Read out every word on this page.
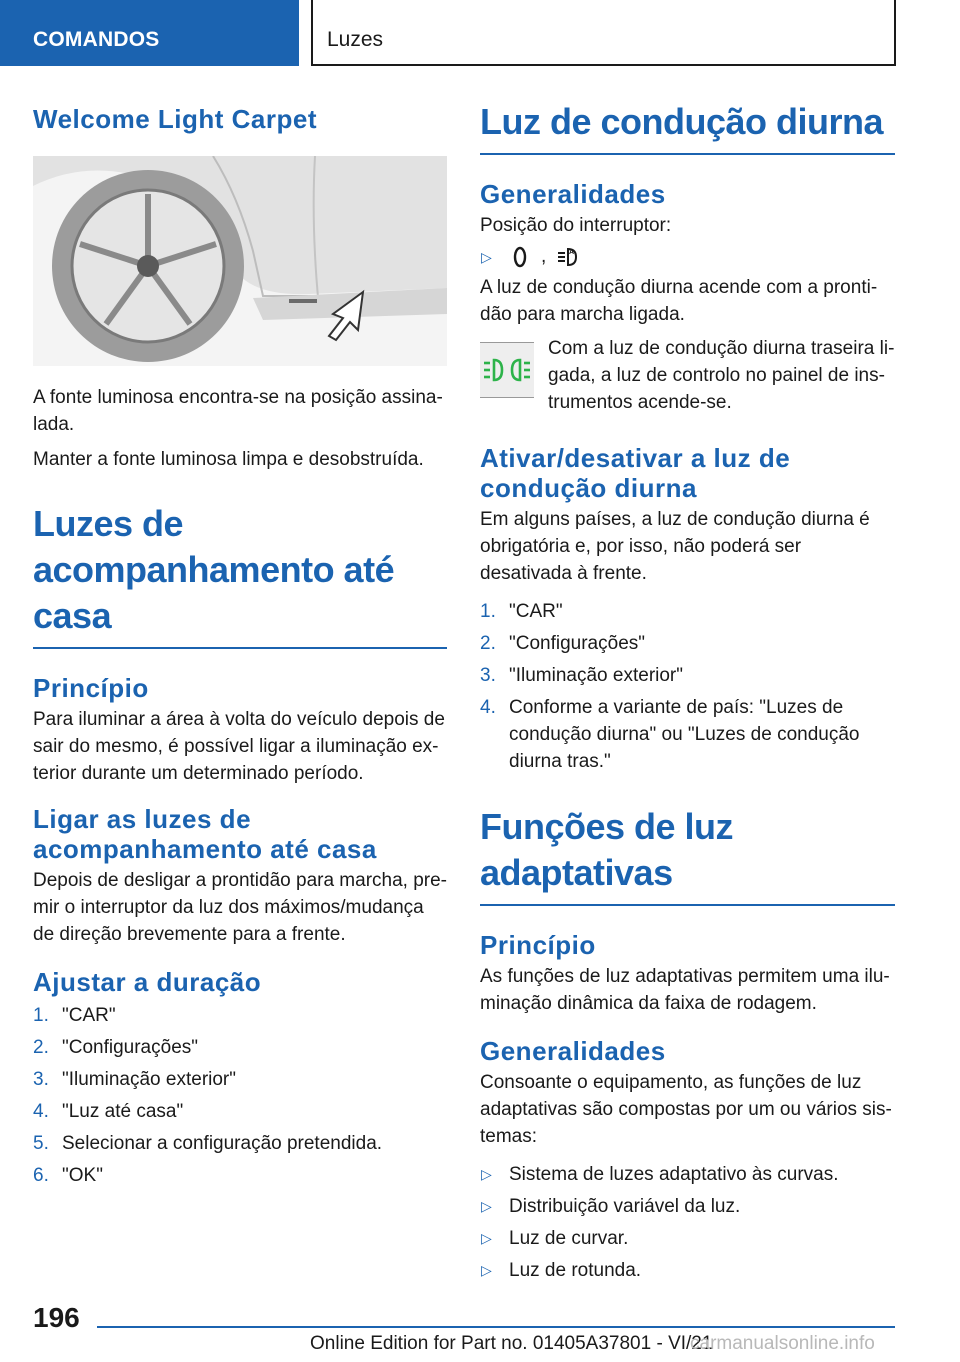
COMANDOS	Luzes
Welcome Light Carpet

A fonte luminosa encontra-se na posição assina-lada.

Manter a fonte luminosa limpa e desobstruída.

Luzes de acompanhamento até casa
Princípio

Para iluminar a área à volta do veículo depois de sair do mesmo, é possível ligar a iluminação ex-terior durante um determinado período.

Ligar as luzes de acompanhamento até casa

Depois de desligar a prontidão para marcha, pre-mir o interruptor da luz dos máximos/mudança de direção brevemente para a frente.

Ajustar a duração
1. "CAR"
2. "Configurações"
3. "Iluminação exterior"
4. "Luz até casa"
5. Selecionar a configuração pretendida.
6. "OK"
Luz de condução diurna
Generalidades

Posição do interruptor:

▷	,	A

A luz de condução diurna acende com a pronti-dão para marcha ligada.

Com a luz de condução diurna traseira li-gada, a luz de controlo no painel de ins-trumentos acende-se.

Ativar/desativar a luz de condução diurna

Em alguns países, a luz de condução diurna é obrigatória e, por isso, não poderá ser desativada à frente.

1. "CAR"
2. "Configurações"
3. "Iluminação exterior"
4. Conforme a variante de país: "Luzes de condução diurna" ou "Luzes de condução diurna tras."
Funções de luz adaptativas
Princípio

As funções de luz adaptativas permitem uma ilu-minação dinâmica da faixa de rodagem.

Generalidades

Consoante o equipamento, as funções de luz adaptativas são compostas por um ou vários sis-temas:

▷ Sistema de luzes adaptativo às curvas.
▷ Distribuição variável da luz.
▷ Luz de curvar.
▷ Luz de rotunda.
196
Online Edition for Part no. 01405A37801 - VI/21
carmanualsonline.info
